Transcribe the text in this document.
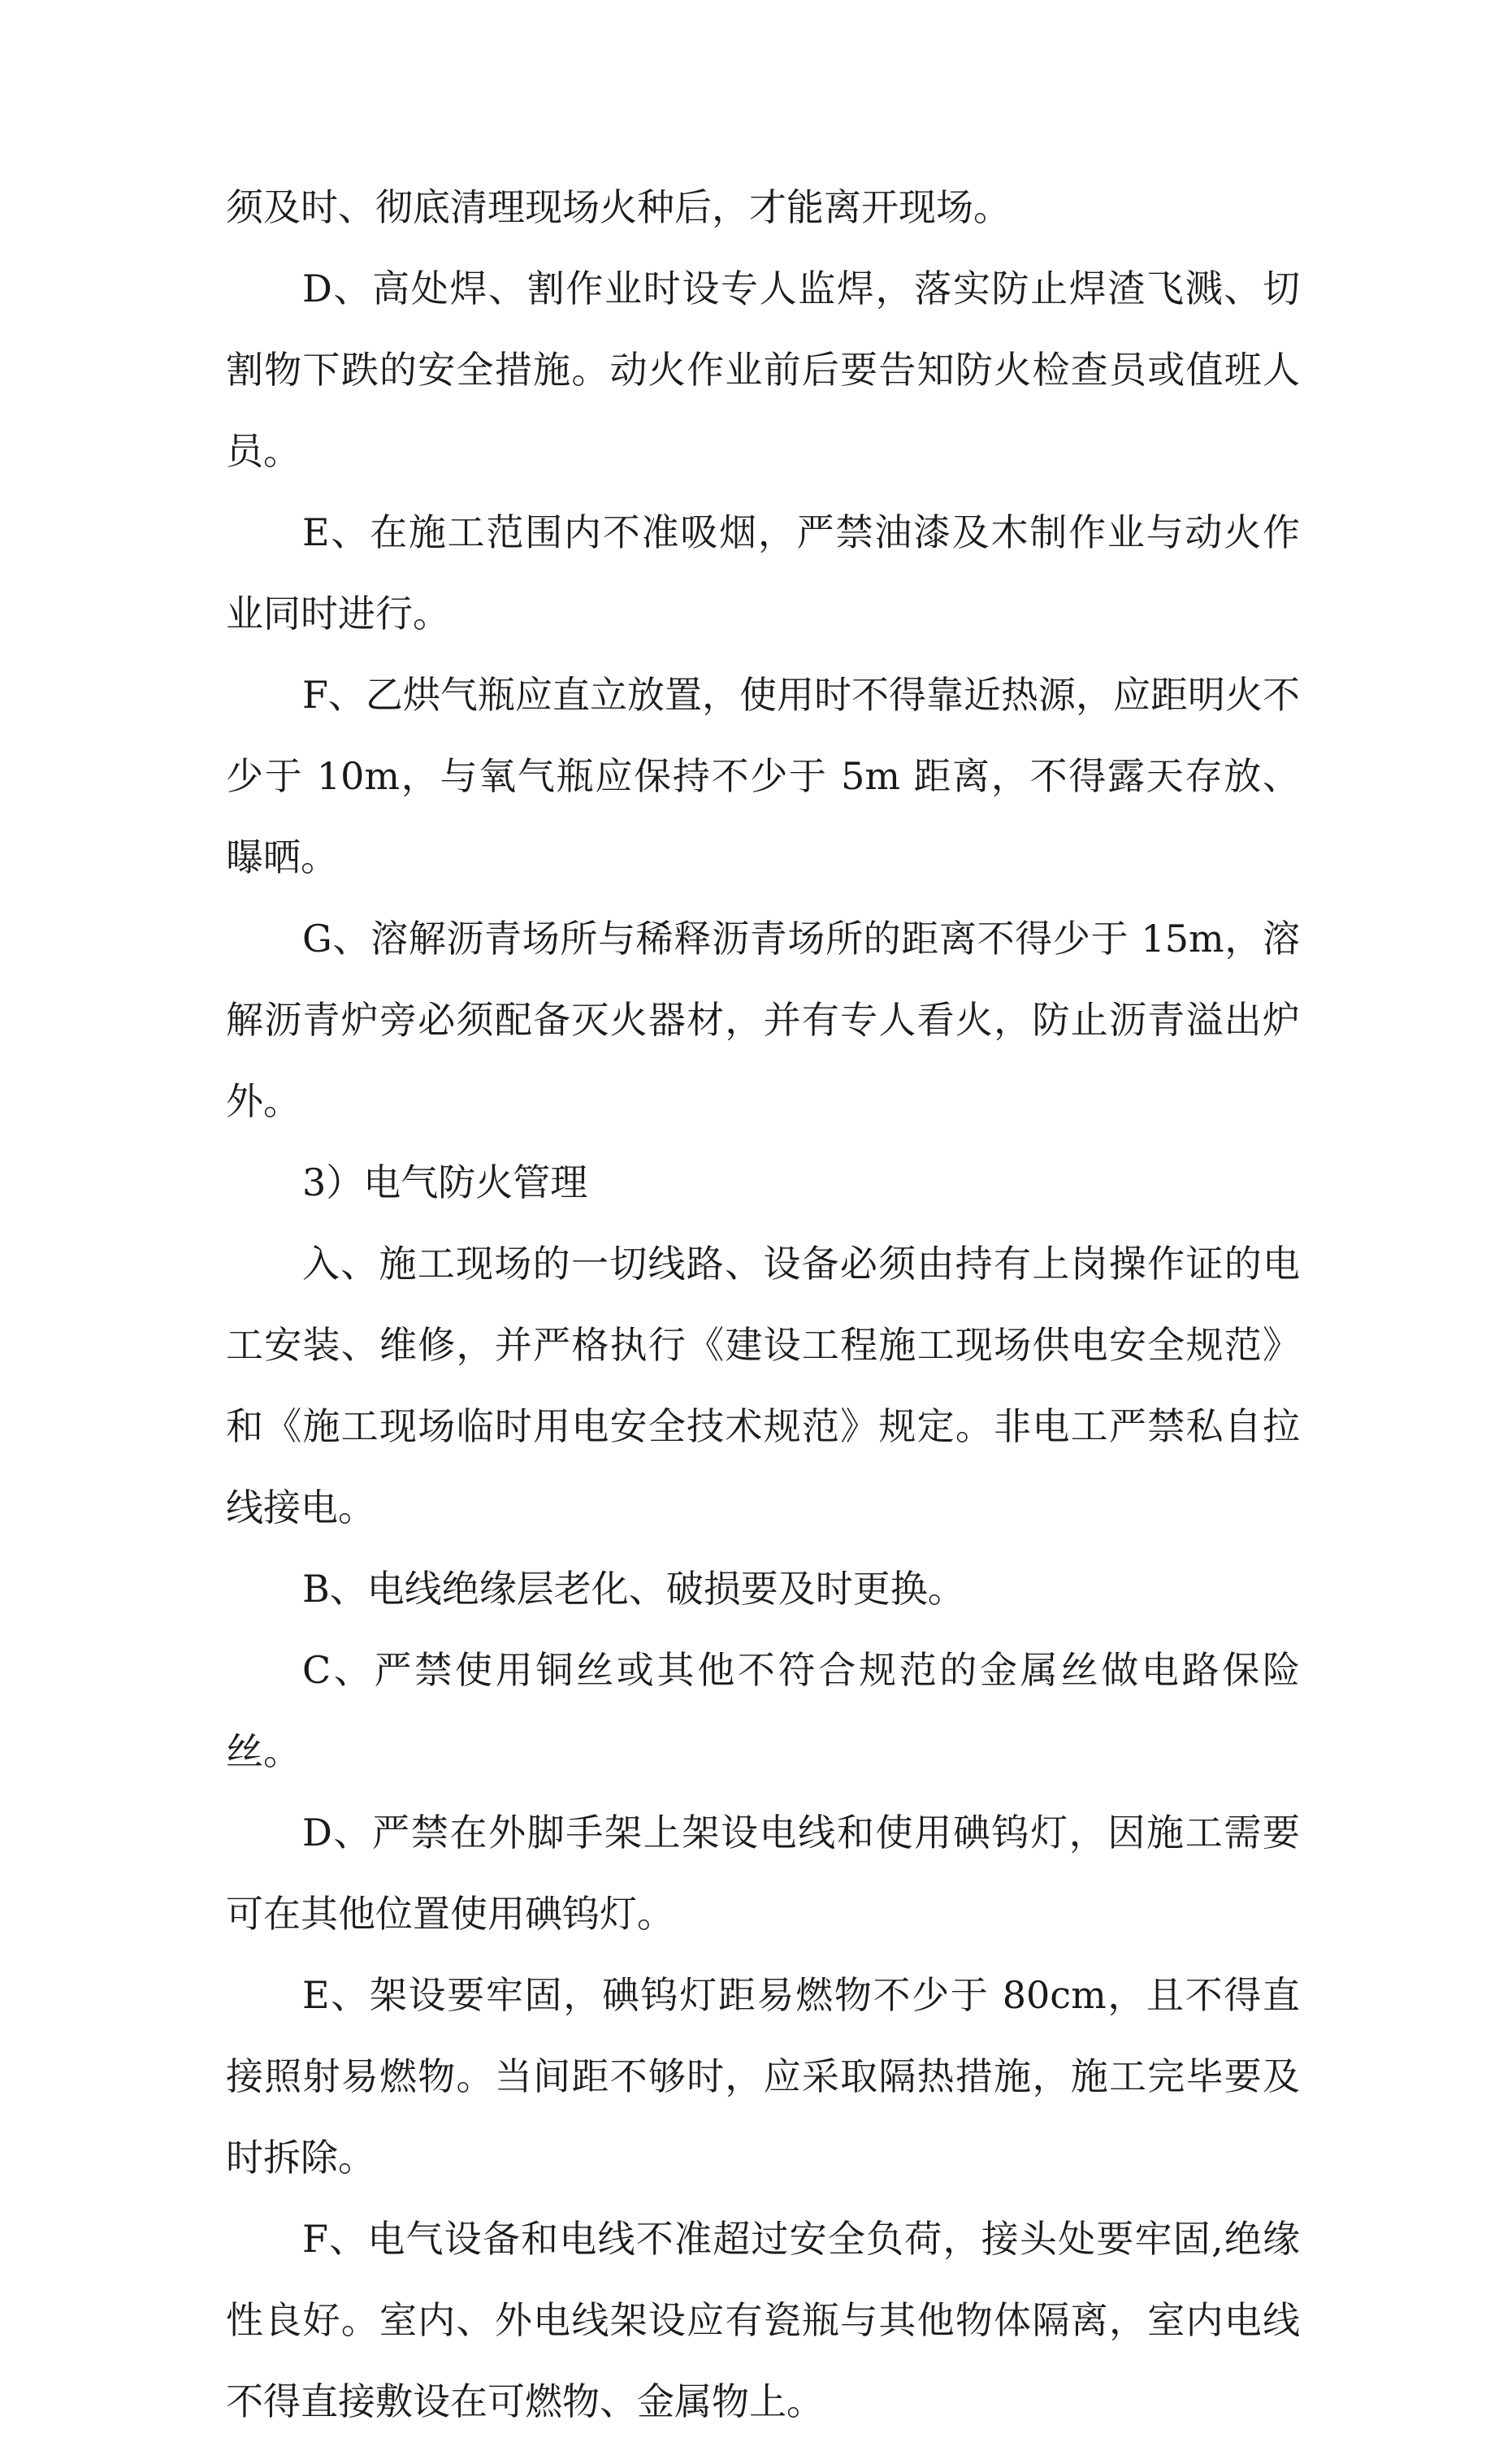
须及时、彻底清理现场火种后，才能离开现场。

D、高处焊、割作业时设专人监焊，落实防止焊渣飞溅、切割物下跌的安全措施。动火作业前后要告知防火检查员或值班人员。

E、在施工范围内不准吸烟，严禁油漆及木制作业与动火作业同时进行。

F、乙烘气瓶应直立放置，使用时不得靠近热源，应距明火不少于 10m，与氧气瓶应保持不少于 5m 距离，不得露天存放、曝晒。

G、溶解沥青场所与稀释沥青场所的距离不得少于 15m，溶解沥青炉旁必须配备灭火器材，并有专人看火，防止沥青溢出炉外。

3）电气防火管理

入、施工现场的一切线路、设备必须由持有上岗操作证的电工安装、维修，并严格执行《建设工程施工现场供电安全规范》和《施工现场临时用电安全技术规范》规定。非电工严禁私自拉线接电。

B、电线绝缘层老化、破损要及时更换。

C、严禁使用铜丝或其他不符合规范的金属丝做电路保险丝。

D、严禁在外脚手架上架设电线和使用碘钨灯，因施工需要可在其他位置使用碘钨灯。

E、架设要牢固，碘钨灯距易燃物不少于 80cm，且不得直接照射易燃物。当间距不够时，应采取隔热措施，施工完毕要及时拆除。

F、电气设备和电线不准超过安全负荷，接头处要牢固,绝缘性良好。室内、外电线架设应有瓷瓶与其他物体隔离，室内电线不得直接敷设在可燃物、金属物上。
